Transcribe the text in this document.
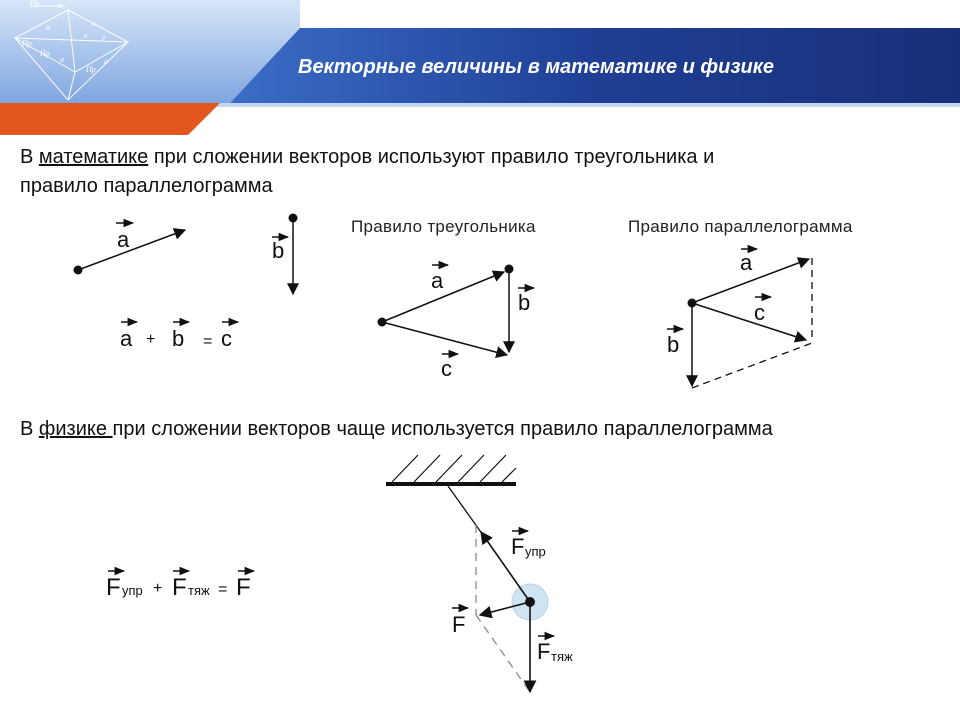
Пр
Пр
a
a	c
e e
a	a
Пр
Пр
Векторные величины в математике и физике
В математике при сложении векторов используют правило треугольника и
правило параллелограмма
Правило треугольника	Правило параллелограмма
В физике при сложении векторов чаще используется правило параллелограмма
a	b
a + b = c
a
b
c
a
c
b
F упр + F тяж = F
F упр
F
F тяж
